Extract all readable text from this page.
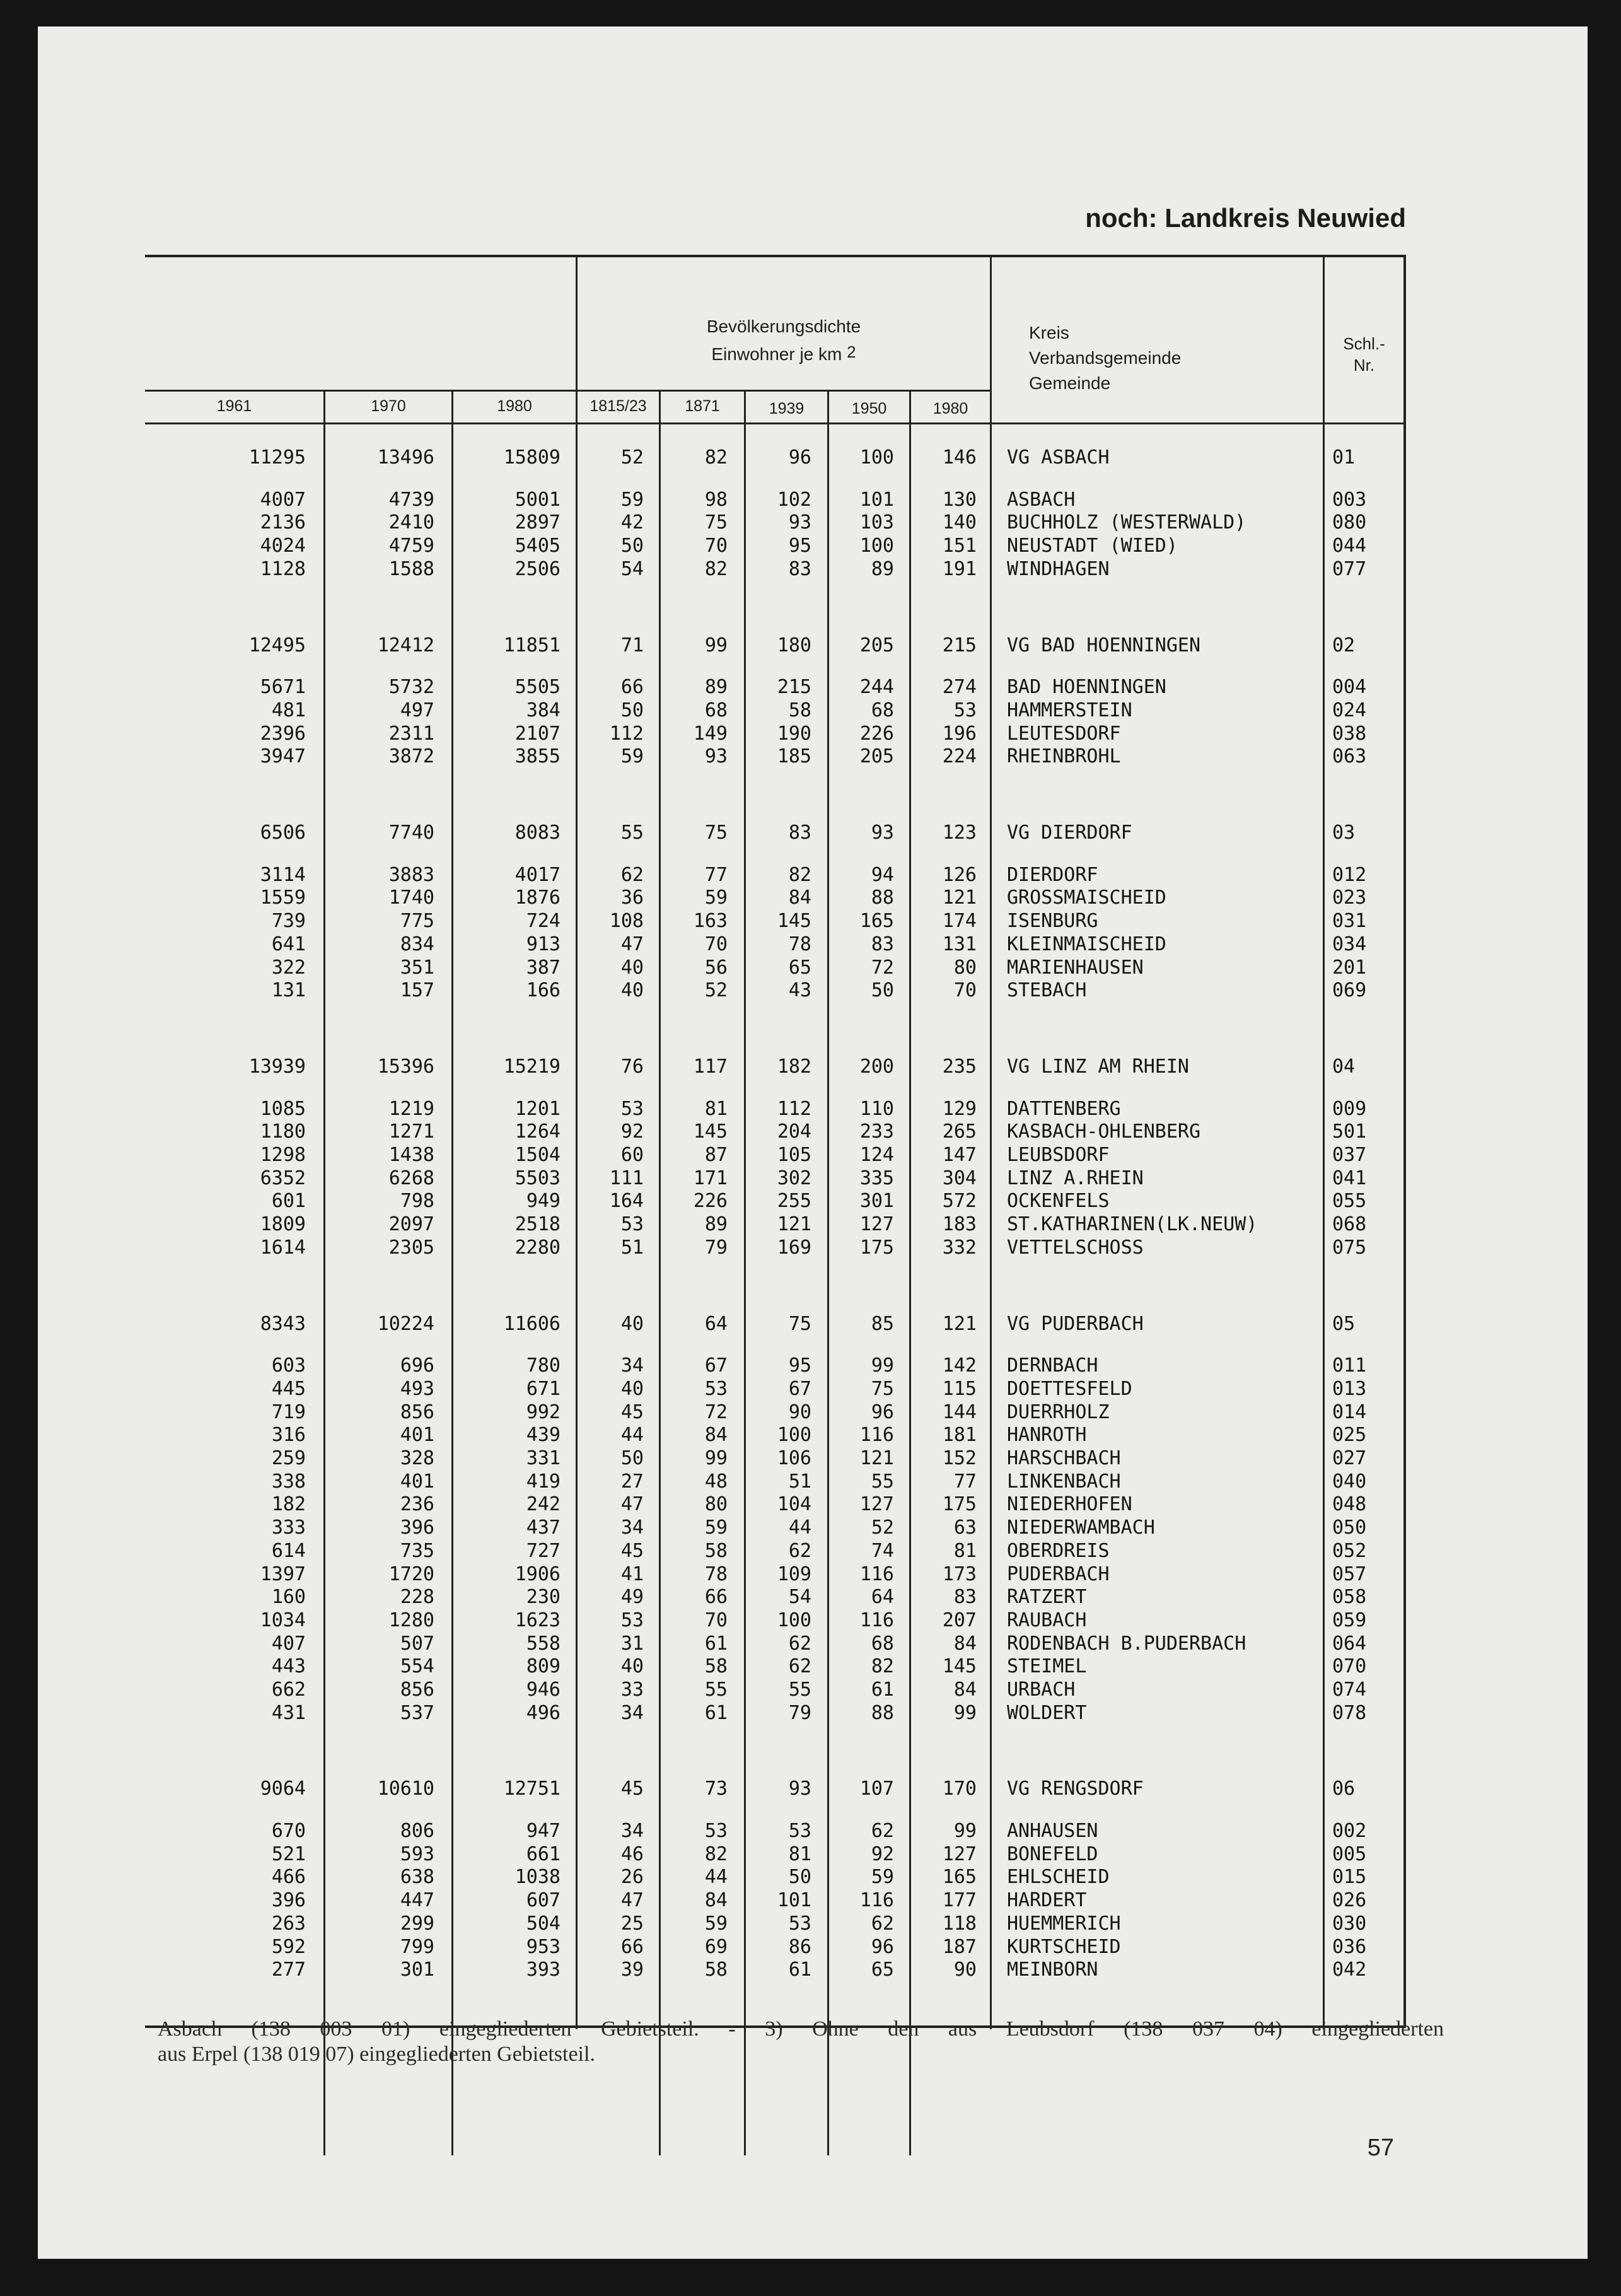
noch: Landkreis Neuwied
Bevölkerungsdichte
Einwohner je km 2
Kreis
Verbandsgemeinde
Gemeinde
Schl.-
Nr.
1961	1970	1980	1815/23	1871	1939	1950	1980
11295	13496	15809	52	82	96	100	146 VG ASBACH	01
4007	4739	5001	59	98	102	101	130 ASBACH	003
2136	2410	2897	42	75	93	103	140 BUCHHOLZ (WESTERWALD)	080
4024	4759	5405	50	70	95	100	151 NEUSTADT (WIED)	044
1128	1588	2506	54	82	83	89	191 WINDHAGEN	077
12495	12412	11851	71	99	180	205	215 VG BAD HOENNINGEN	02
5671	5732	5505	66	89	215	244	274 BAD HOENNINGEN	004
481	497	384	50	68	58	68	53 HAMMERSTEIN	024
2396	2311	2107	112	149	190	226	196 LEUTESDORF	038
3947	3872	3855	59	93	185	205	224 RHEINBROHL	063
6506	7740	8083	55	75	83	93	123 VG DIERDORF	03
3114	3883	4017	62	77	82	94	126 DIERDORF	012
1559	1740	1876	36	59	84	88	121 GROSSMAISCHEID	023
739	775	724	108	163	145	165	174 ISENBURG	031
641	834	913	47	70	78	83	131 KLEINMAISCHEID	034
322	351	387	40	56	65	72	80 MARIENHAUSEN	201
131	157	166	40	52	43	50	70 STEBACH	069
13939	15396	15219	76	117	182	200	235 VG LINZ AM RHEIN	04
1085	1219	1201	53	81	112	110	129 DATTENBERG	009
1180	1271	1264	92	145	204	233	265 KASBACH-OHLENBERG	501
1298	1438	1504	60	87	105	124	147 LEUBSDORF	037
6352	6268	5503	111	171	302	335	304 LINZ A.RHEIN	041
601	798	949	164	226	255	301	572 OCKENFELS	055
1809	2097	2518	53	89	121	127	183 ST.KATHARINEN(LK.NEUW)	068
1614	2305	2280	51	79	169	175	332 VETTELSCHOSS	075
8343	10224	11606	40	64	75	85	121 VG PUDERBACH	05
603	696	780	34	67	95	99	142 DERNBACH	011
445	493	671	40	53	67	75	115 DOETTESFELD	013
719	856	992	45	72	90	96	144 DUERRHOLZ	014
316	401	439	44	84	100	116	181 HANROTH	025
259	328	331	50	99	106	121	152 HARSCHBACH	027
338	401	419	27	48	51	55	77 LINKENBACH	040
182	236	242	47	80	104	127	175 NIEDERHOFEN	048
333	396	437	34	59	44	52	63 NIEDERWAMBACH	050
614	735	727	45	58	62	74	81 OBERDREIS	052
1397	1720	1906	41	78	109	116	173 PUDERBACH	057
160	228	230	49	66	54	64	83 RATZERT	058
1034	1280	1623	53	70	100	116	207 RAUBACH	059
407	507	558	31	61	62	68	84 RODENBACH B.PUDERBACH	064
443	554	809	40	58	62	82	145 STEIMEL	070
662	856	946	33	55	55	61	84 URBACH	074
431	537	496	34	61	79	88	99 WOLDERT	078
9064	10610	12751	45	73	93	107	170 VG RENGSDORF	06
670	806	947	34	53	53	62	99 ANHAUSEN	002
521	593	661	46	82	81	92	127 BONEFELD	005
466	638	1038	26	44	50	59	165 EHLSCHEID	015
396	447	607	47	84	101	116	177 HARDERT	026
263	299	504	25	59	53	62	118 HUEMMERICH	030
592	799	953	66	69	86	96	187 KURTSCHEID	036
277	301	393	39	58	61	65	90 MEINBORN	042
Asbach (138 003 01) eingegliederten Gebietsteil. - 3) Ohne den aus Leubsdorf (138 037 04) eingegliederten
aus Erpel (138 019 07) eingegliederten Gebietsteil.
57
